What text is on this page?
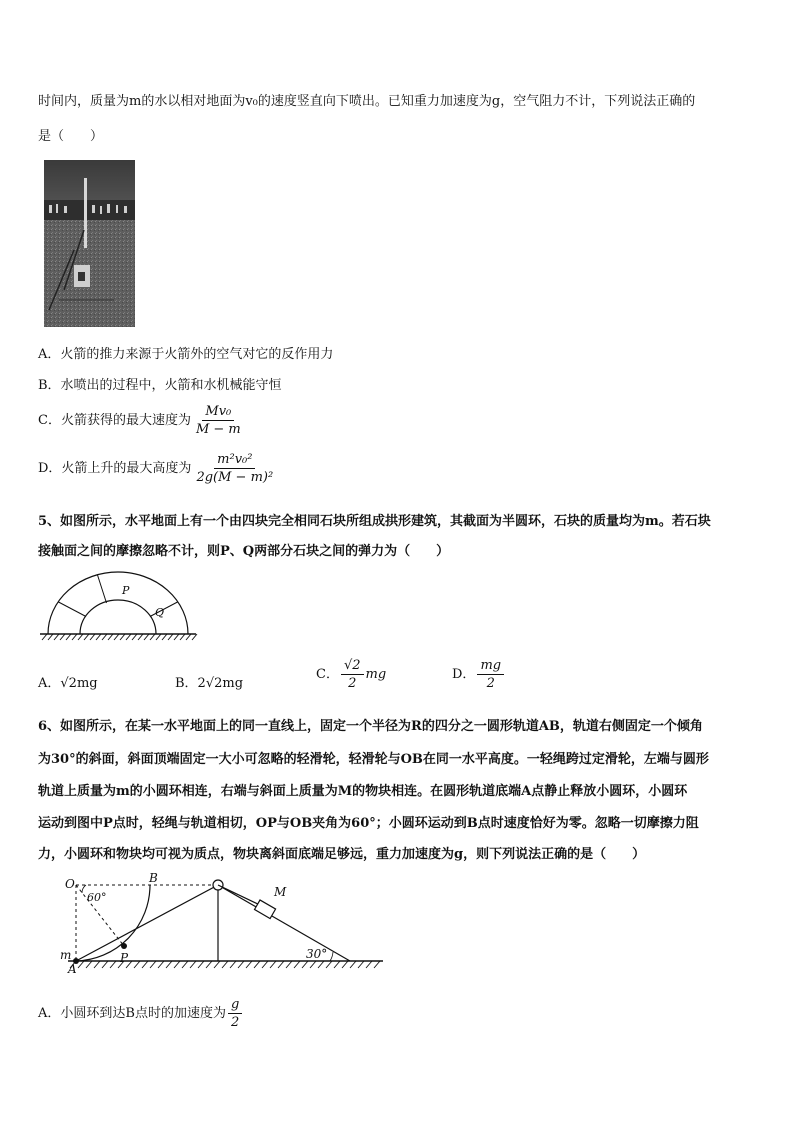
时间内，质量为m的水以相对地面为v₀的速度竖直向下喷出。已知重力加速度为g，空气阻力不计，下列说法正确的
是（　　）
A．火箭的推力来源于火箭外的空气对它的反作用力
B．水喷出的过程中，火箭和水机械能守恒
C．火箭获得的最大速度为 $\frac{\text{Mv₀}}{M - m}$
D．火箭上升的最大高度为 $\frac{\text{m²v₀²}}{\text{2g(M − m)²}}$
5、如图所示，水平地面上有一个由四块完全相同石块所组成拱形建筑，其截面为半圆环，石块的质量均为m。若石块
接触面之间的摩擦忽略不计，则P、Q两部分石块之间的弹力为（　　）
P
Q
A．√2mg	B．2√2mg
C． $\frac{√2}{2}$ mg	D． $\frac{mg}{2}$
6、如图所示，在某一水平地面上的同一直线上，固定一个半径为R的四分之一圆形轨道AB，轨道右侧固定一个倾角
为30°的斜面，斜面顶端固定一大小可忽略的轻滑轮，轻滑轮与OB在同一水平高度。一轻绳跨过定滑轮，左端与圆形
轨道上质量为m的小圆环相连，右端与斜面上质量为M的物块相连。在圆形轨道底端A点静止释放小圆环，小圆环
运动到图中P点时，轻绳与轨道相切，OP与OB夹角为60°；小圆环运动到B点时速度恰好为零。忽略一切摩擦力阻
力，小圆环和物块均可视为质点，物块离斜面底端足够远，重力加速度为g，则下列说法正确的是（　　）
O	B
60°
m
A
P
M
30°
A．小圆环到达B点时的加速度为 $\frac{g}{2}$
